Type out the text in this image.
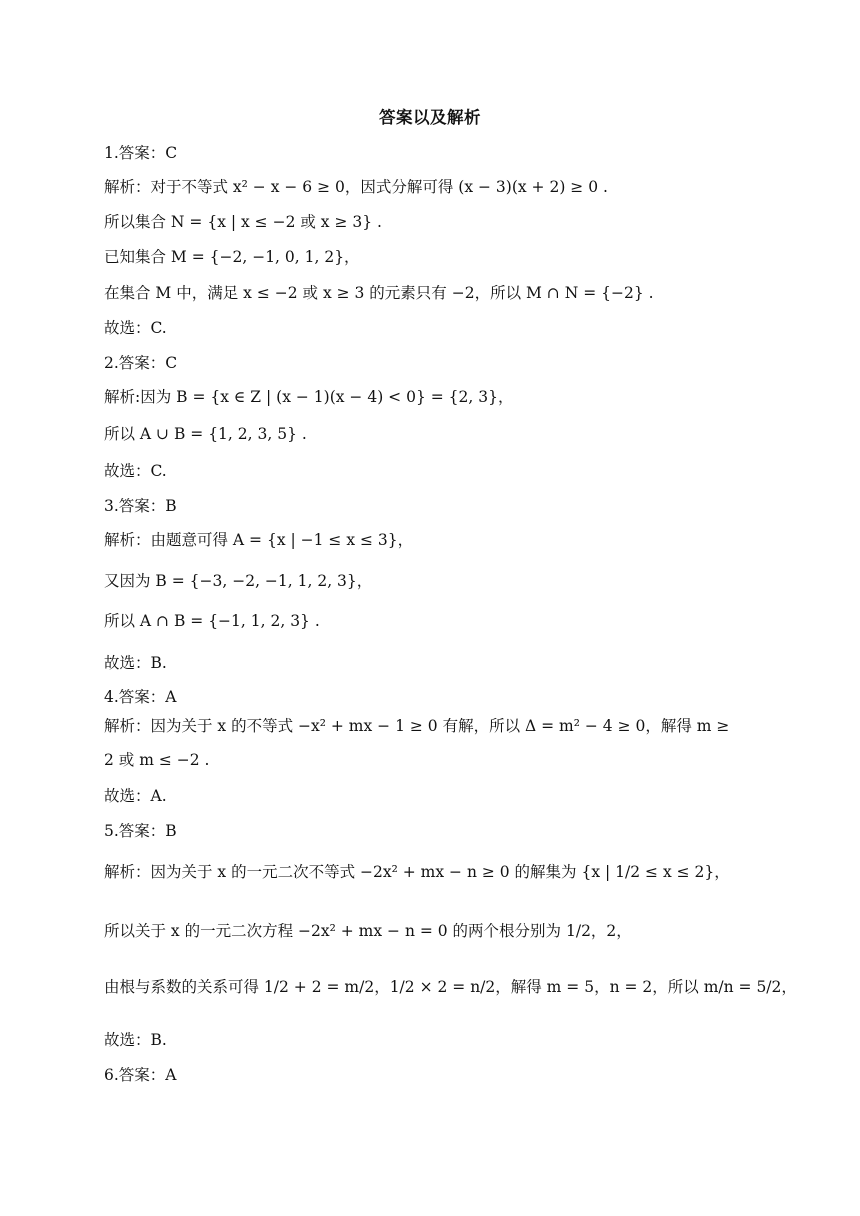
答案以及解析
1.答案：C
解析：对于不等式 x² − x − 6 ≥ 0，因式分解可得 (x − 3)(x + 2) ≥ 0 .
所以集合 N = {x | x ≤ −2 或 x ≥ 3} .
已知集合 M = {−2, −1, 0, 1, 2}，
在集合 M 中，满足 x ≤ −2 或 x ≥ 3 的元素只有 −2，所以 M ∩ N = {−2} .
故选：C.
2.答案：C
解析:因为 B = {x ∈ Z | (x − 1)(x − 4) < 0} = {2, 3}，
所以 A ∪ B = {1, 2, 3, 5} .
故选：C.
3.答案：B
解析：由题意可得 A = {x | −1 ≤ x ≤ 3}，
又因为 B = {−3, −2, −1, 1, 2, 3}，
所以 A ∩ B = {−1, 1, 2, 3} .
故选：B.
4.答案：A
解析：因为关于 x 的不等式 −x² + mx − 1 ≥ 0 有解，所以 Δ = m² − 4 ≥ 0，解得 m ≥ 2 或 m ≤ −2 .
故选：A.
5.答案：B
解析：因为关于 x 的一元二次不等式 −2x² + mx − n ≥ 0 的解集为 {x | 1/2 ≤ x ≤ 2}，
所以关于 x 的一元二次方程 −2x² + mx − n = 0 的两个根分别为 1/2，2，
由根与系数的关系可得 1/2 + 2 = m/2，1/2 × 2 = n/2，解得 m = 5，n = 2，所以 m/n = 5/2，
故选：B.
6.答案：A
